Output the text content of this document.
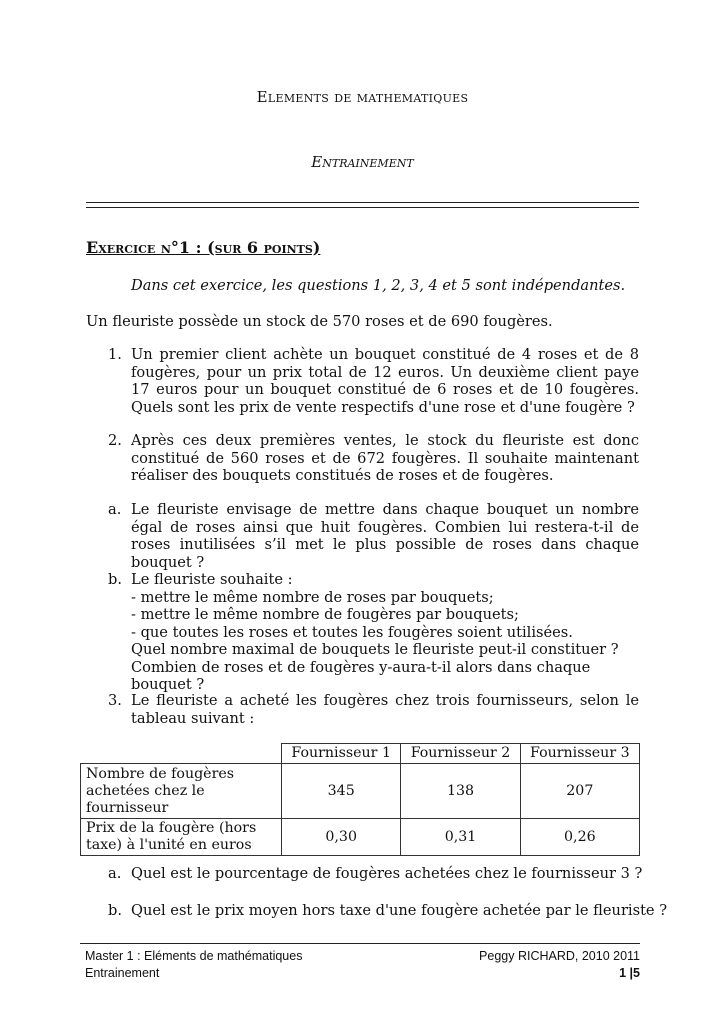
Elements de mathematiques
Entrainement
Exercice n°1 : (sur 6 points)
Dans cet exercice, les questions 1, 2, 3, 4 et 5 sont indépendantes.
Un fleuriste possède un stock de 570 roses et de 690 fougères.
1. Un premier client achète un bouquet constitué de 4 roses et de 8 fougères, pour un prix total de 12 euros. Un deuxième client paye 17 euros pour un bouquet constitué de 6 roses et de 10 fougères. Quels sont les prix de vente respectifs d'une rose et d'une fougère ?
2. Après ces deux premières ventes, le stock du fleuriste est donc constitué de 560 roses et de 672 fougères. Il souhaite maintenant réaliser des bouquets constitués de roses et de fougères.
a. Le fleuriste envisage de mettre dans chaque bouquet un nombre égal de roses ainsi que huit fougères. Combien lui restera-t-il de roses inutilisées s’il met le plus possible de roses dans chaque bouquet ?
b. Le fleuriste souhaite :
- mettre le même nombre de roses par bouquets;
- mettre le même nombre de fougères par bouquets;
- que toutes les roses et toutes les fougères soient utilisées.
Quel nombre maximal de bouquets le fleuriste peut-il constituer ?
Combien de roses et de fougères y-aura-t-il alors dans chaque bouquet ?
3. Le fleuriste a acheté les fougères chez trois fournisseurs, selon le tableau suivant :
	Fournisseur 1	Fournisseur 2	Fournisseur 3
Nombre de fougères achetées chez le fournisseur	345	138	207
Prix de la fougère (hors taxe) à l'unité en euros	0,30	0,31	0,26
a. Quel est le pourcentage de fougères achetées chez le fournisseur 3 ?
b. Quel est le prix moyen hors taxe d'une fougère achetée par le fleuriste ?
Master 1 : Eléments de mathématiques	Peggy RICHARD, 2010 2011
Entrainement	1 |5
